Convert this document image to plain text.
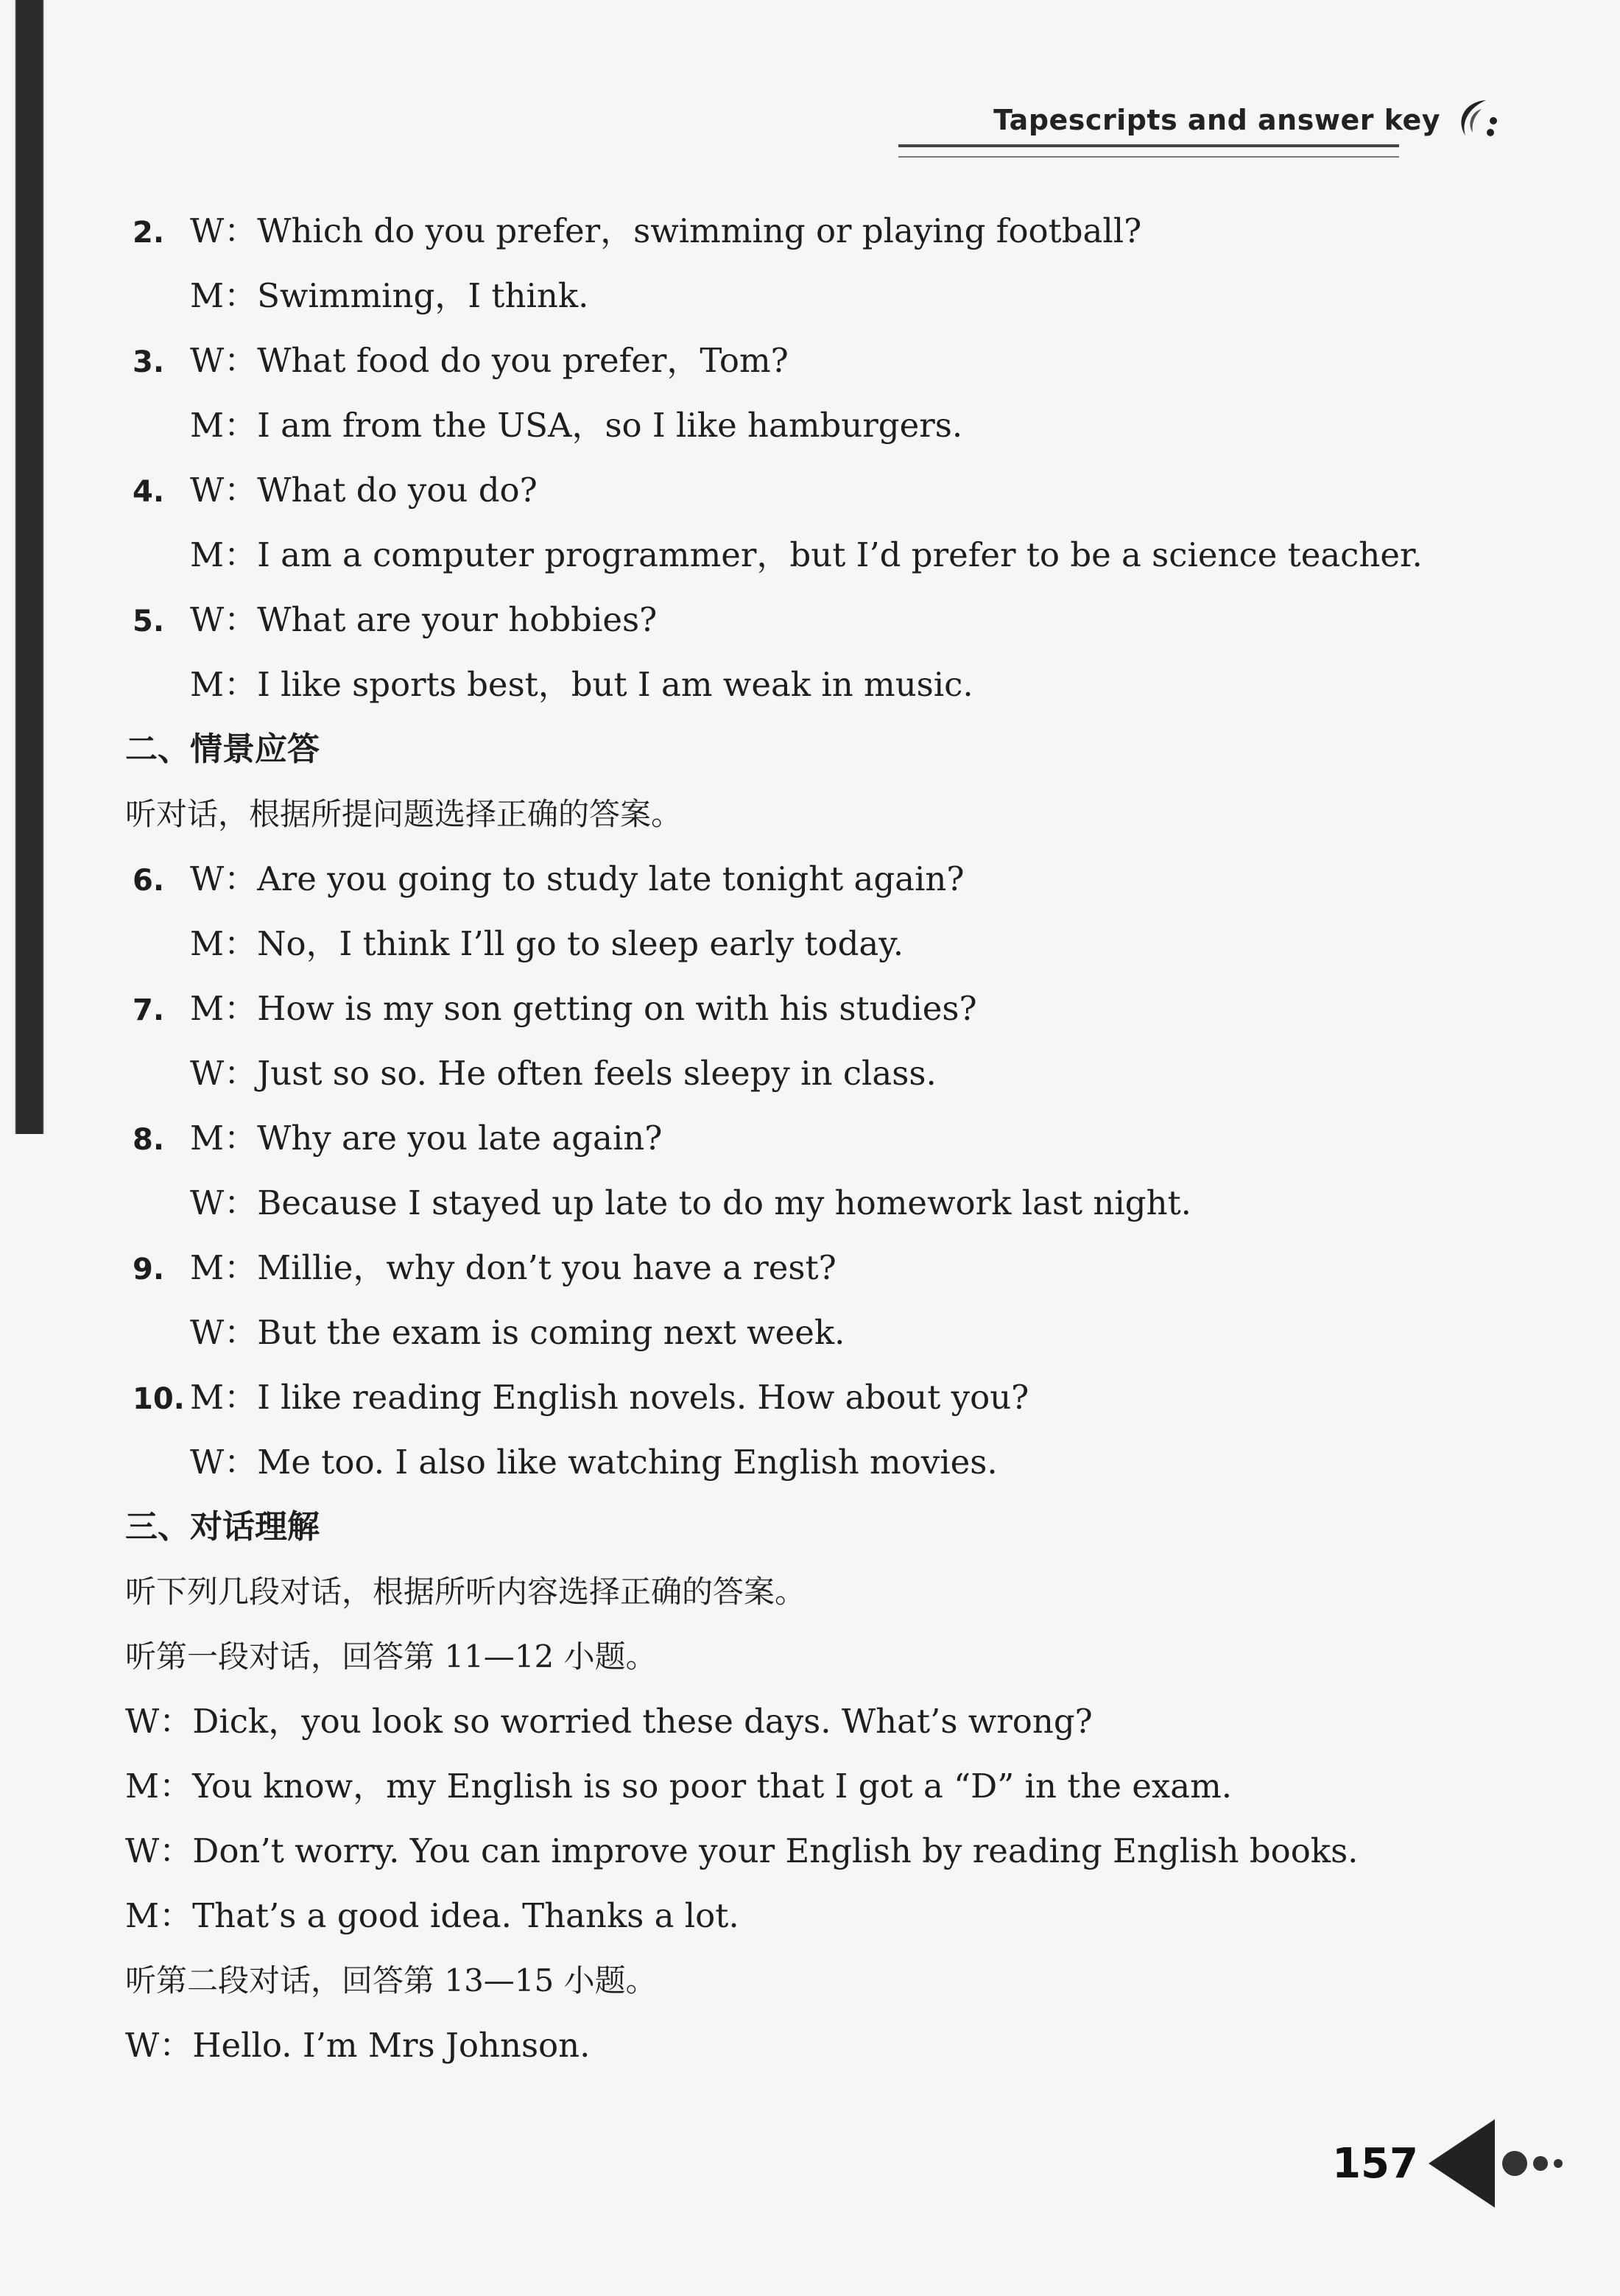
Tapescripts and answer key
2. W：Which do you prefer，swimming or playing football?
M：Swimming，I think.
3. W：What food do you prefer，Tom?
M：I am from the USA，so I like hamburgers.
4. W：What do you do?
M：I am a computer programmer，but I’d prefer to be a science teacher.
5. W：What are your hobbies?
M：I like sports best，but I am weak in music.
二、情景应答
听对话，根据所提问题选择正确的答案。
6. W：Are you going to study late tonight again?
M：No，I think I’ll go to sleep early today.
7. M：How is my son getting on with his studies?
W：Just so so. He often feels sleepy in class.
8. M：Why are you late again?
W：Because I stayed up late to do my homework last night.
9. M：Millie，why don’t you have a rest?
W：But the exam is coming next week.
10. M：I like reading English novels. How about you?
W：Me too. I also like watching English movies.
三、对话理解
听下列几段对话，根据所听内容选择正确的答案。
听第一段对话，回答第 11—12 小题。
W：Dick，you look so worried these days. What’s wrong?
M：You know，my English is so poor that I got a “D” in the exam.
W：Don’t worry. You can improve your English by reading English books.
M：That’s a good idea. Thanks a lot.
听第二段对话，回答第 13—15 小题。
W：Hello. I’m Mrs Johnson.
157
